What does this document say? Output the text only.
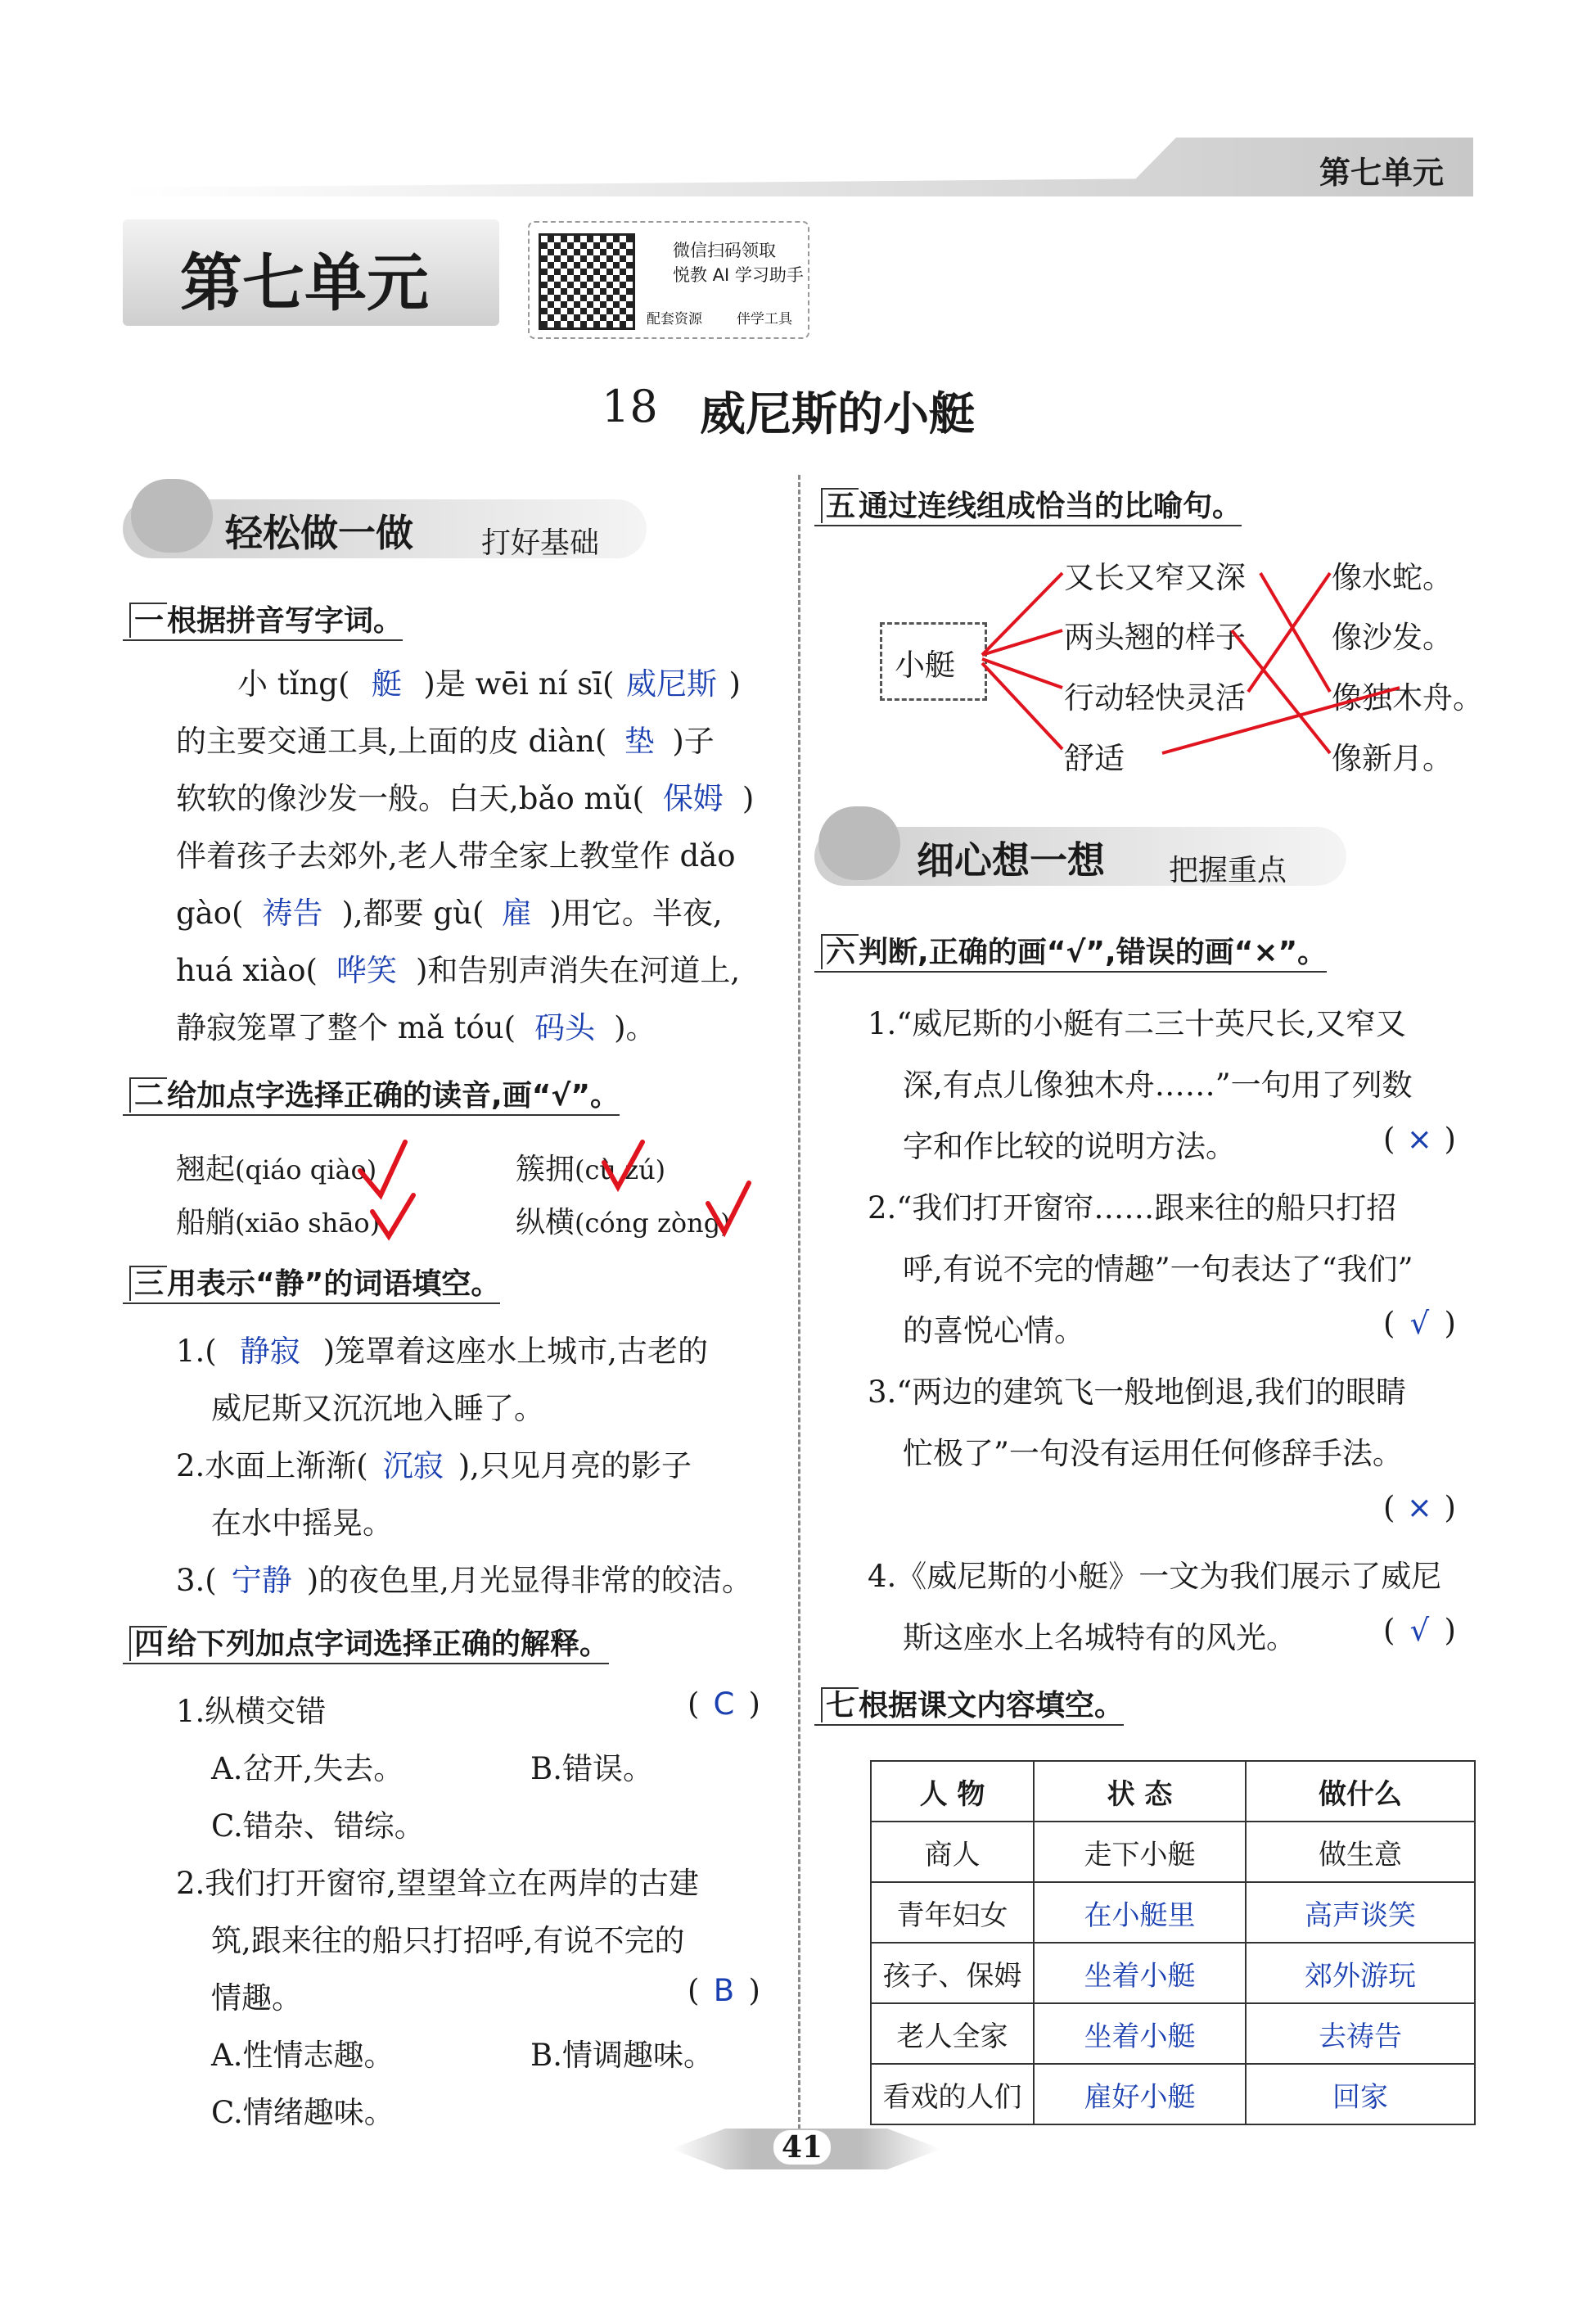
第七单元
第七单元	微信扫码领取
悦教 AI 学习助手
配套资源 伴学工具
18 威尼斯的小艇
轻松做一做 打好基础
一 根据拼音写字词。
小 tǐng( 艇 )是 wēi ní sī( 威尼斯 )
的主要交通工具,上面的皮 diàn( 垫 )子
软软的像沙发一般。白天,bǎo mǔ( 保姆 )
伴着孩子去郊外,老人带全家上教堂作 dǎo
gào( 祷告 ),都要 gù( 雇 )用它。半夜,
huá xiào( 哗笑 )和告别声消失在河道上,
静寂笼罩了整个 mǎ tóu( 码头 )。
二 给加点字选择正确的读音,画“√”。
翘起(qiáo qiào)	簇拥(cù zú)
船艄(xiāo shāo)	纵横(cóng zòng)
三 用表示“静”的词语填空。
1.( 静寂 )笼罩着这座水上城市,古老的
威尼斯又沉沉地入睡了。
2.水面上渐渐( 沉寂 ),只见月亮的影子
在水中摇晃。
3.( 宁静 )的夜色里,月光显得非常的皎洁。
四 给下列加点字词选择正确的解释。
1.纵横交错	( C )
A.岔开,失去。	B.错误。
C.错杂、错综。
2.我们打开窗帘,望望耸立在两岸的古建
筑,跟来往的船只打招呼,有说不完的
情趣。	( B )
A.性情志趣。	B.情调趣味。
C.情绪趣味。
五 通过连线组成恰当的比喻句。
小艇
又长又窄又深
两头翘的样子
行动轻快灵活
舒适
像水蛇。
像沙发。
像独木舟。
像新月。
细心想一想 把握重点
六 判断,正确的画“√”,错误的画“×”。
1.“威尼斯的小艇有二三十英尺长,又窄又
深,有点儿像独木舟……”一句用了列数
字和作比较的说明方法。	( × )
2.“我们打开窗帘……跟来往的船只打招
呼,有说不完的情趣”一句表达了“我们”
的喜悦心情。	( √ )
3.“两边的建筑飞一般地倒退,我们的眼睛
忙极了”一句没有运用任何修辞手法。
( × )
4.《威尼斯的小艇》一文为我们展示了威尼
斯这座水上名城特有的风光。	( √ )
七 根据课文内容填空。
人 物	状 态	做什么
商人	走下小艇	做生意
青年妇女	在小艇里	高声谈笑
孩子、保姆	坐着小艇	郊外游玩
老人全家	坐着小艇	去祷告
看戏的人们	雇好小艇	回家
41
